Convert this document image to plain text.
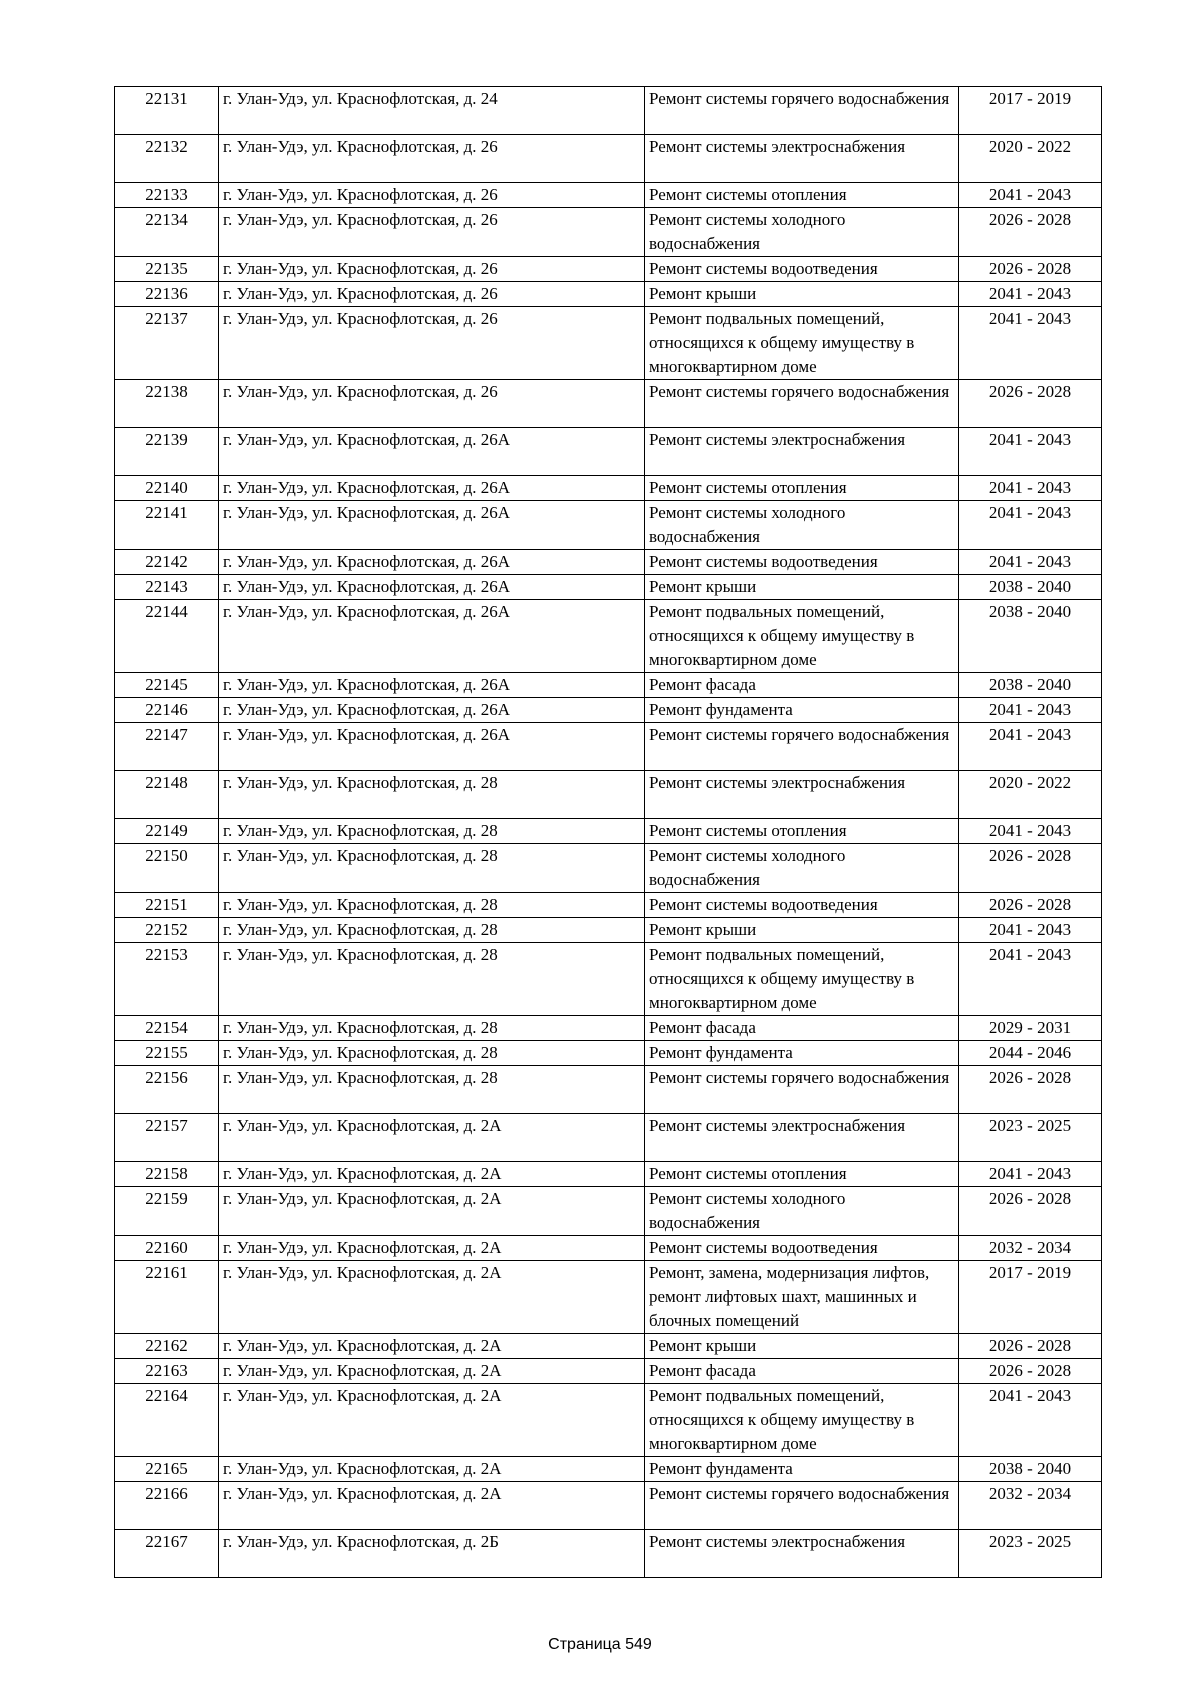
22131	г. Улан-Удэ, ул. Краснофлотская, д. 24	Ремонт системы горячего водоснабжения	2017 - 2019
22132	г. Улан-Удэ, ул. Краснофлотская, д. 26	Ремонт системы электроснабжения	2020 - 2022
22133	г. Улан-Удэ, ул. Краснофлотская, д. 26	Ремонт системы отопления	2041 - 2043
22134	г. Улан-Удэ, ул. Краснофлотская, д. 26	Ремонт системы холодного водоснабжения	2026 - 2028
22135	г. Улан-Удэ, ул. Краснофлотская, д. 26	Ремонт системы водоотведения	2026 - 2028
22136	г. Улан-Удэ, ул. Краснофлотская, д. 26	Ремонт крыши	2041 - 2043
22137	г. Улан-Удэ, ул. Краснофлотская, д. 26	Ремонт подвальных помещений, относящихся к общему имуществу в многоквартирном доме	2041 - 2043
22138	г. Улан-Удэ, ул. Краснофлотская, д. 26	Ремонт системы горячего водоснабжения	2026 - 2028
22139	г. Улан-Удэ, ул. Краснофлотская, д. 26А	Ремонт системы электроснабжения	2041 - 2043
22140	г. Улан-Удэ, ул. Краснофлотская, д. 26А	Ремонт системы отопления	2041 - 2043
22141	г. Улан-Удэ, ул. Краснофлотская, д. 26А	Ремонт системы холодного водоснабжения	2041 - 2043
22142	г. Улан-Удэ, ул. Краснофлотская, д. 26А	Ремонт системы водоотведения	2041 - 2043
22143	г. Улан-Удэ, ул. Краснофлотская, д. 26А	Ремонт крыши	2038 - 2040
22144	г. Улан-Удэ, ул. Краснофлотская, д. 26А	Ремонт подвальных помещений, относящихся к общему имуществу в многоквартирном доме	2038 - 2040
22145	г. Улан-Удэ, ул. Краснофлотская, д. 26А	Ремонт фасада	2038 - 2040
22146	г. Улан-Удэ, ул. Краснофлотская, д. 26А	Ремонт фундамента	2041 - 2043
22147	г. Улан-Удэ, ул. Краснофлотская, д. 26А	Ремонт системы горячего водоснабжения	2041 - 2043
22148	г. Улан-Удэ, ул. Краснофлотская, д. 28	Ремонт системы электроснабжения	2020 - 2022
22149	г. Улан-Удэ, ул. Краснофлотская, д. 28	Ремонт системы отопления	2041 - 2043
22150	г. Улан-Удэ, ул. Краснофлотская, д. 28	Ремонт системы холодного водоснабжения	2026 - 2028
22151	г. Улан-Удэ, ул. Краснофлотская, д. 28	Ремонт системы водоотведения	2026 - 2028
22152	г. Улан-Удэ, ул. Краснофлотская, д. 28	Ремонт крыши	2041 - 2043
22153	г. Улан-Удэ, ул. Краснофлотская, д. 28	Ремонт подвальных помещений, относящихся к общему имуществу в многоквартирном доме	2041 - 2043
22154	г. Улан-Удэ, ул. Краснофлотская, д. 28	Ремонт фасада	2029 - 2031
22155	г. Улан-Удэ, ул. Краснофлотская, д. 28	Ремонт фундамента	2044 - 2046
22156	г. Улан-Удэ, ул. Краснофлотская, д. 28	Ремонт системы горячего водоснабжения	2026 - 2028
22157	г. Улан-Удэ, ул. Краснофлотская, д. 2А	Ремонт системы электроснабжения	2023 - 2025
22158	г. Улан-Удэ, ул. Краснофлотская, д. 2А	Ремонт системы отопления	2041 - 2043
22159	г. Улан-Удэ, ул. Краснофлотская, д. 2А	Ремонт системы холодного водоснабжения	2026 - 2028
22160	г. Улан-Удэ, ул. Краснофлотская, д. 2А	Ремонт системы водоотведения	2032 - 2034
22161	г. Улан-Удэ, ул. Краснофлотская, д. 2А	Ремонт, замена, модернизация лифтов, ремонт лифтовых шахт, машинных и блочных помещений	2017 - 2019
22162	г. Улан-Удэ, ул. Краснофлотская, д. 2А	Ремонт крыши	2026 - 2028
22163	г. Улан-Удэ, ул. Краснофлотская, д. 2А	Ремонт фасада	2026 - 2028
22164	г. Улан-Удэ, ул. Краснофлотская, д. 2А	Ремонт подвальных помещений, относящихся к общему имуществу в многоквартирном доме	2041 - 2043
22165	г. Улан-Удэ, ул. Краснофлотская, д. 2А	Ремонт фундамента	2038 - 2040
22166	г. Улан-Удэ, ул. Краснофлотская, д. 2А	Ремонт системы горячего водоснабжения	2032 - 2034
22167	г. Улан-Удэ, ул. Краснофлотская, д. 2Б	Ремонт системы электроснабжения	2023 - 2025
Страница 549
